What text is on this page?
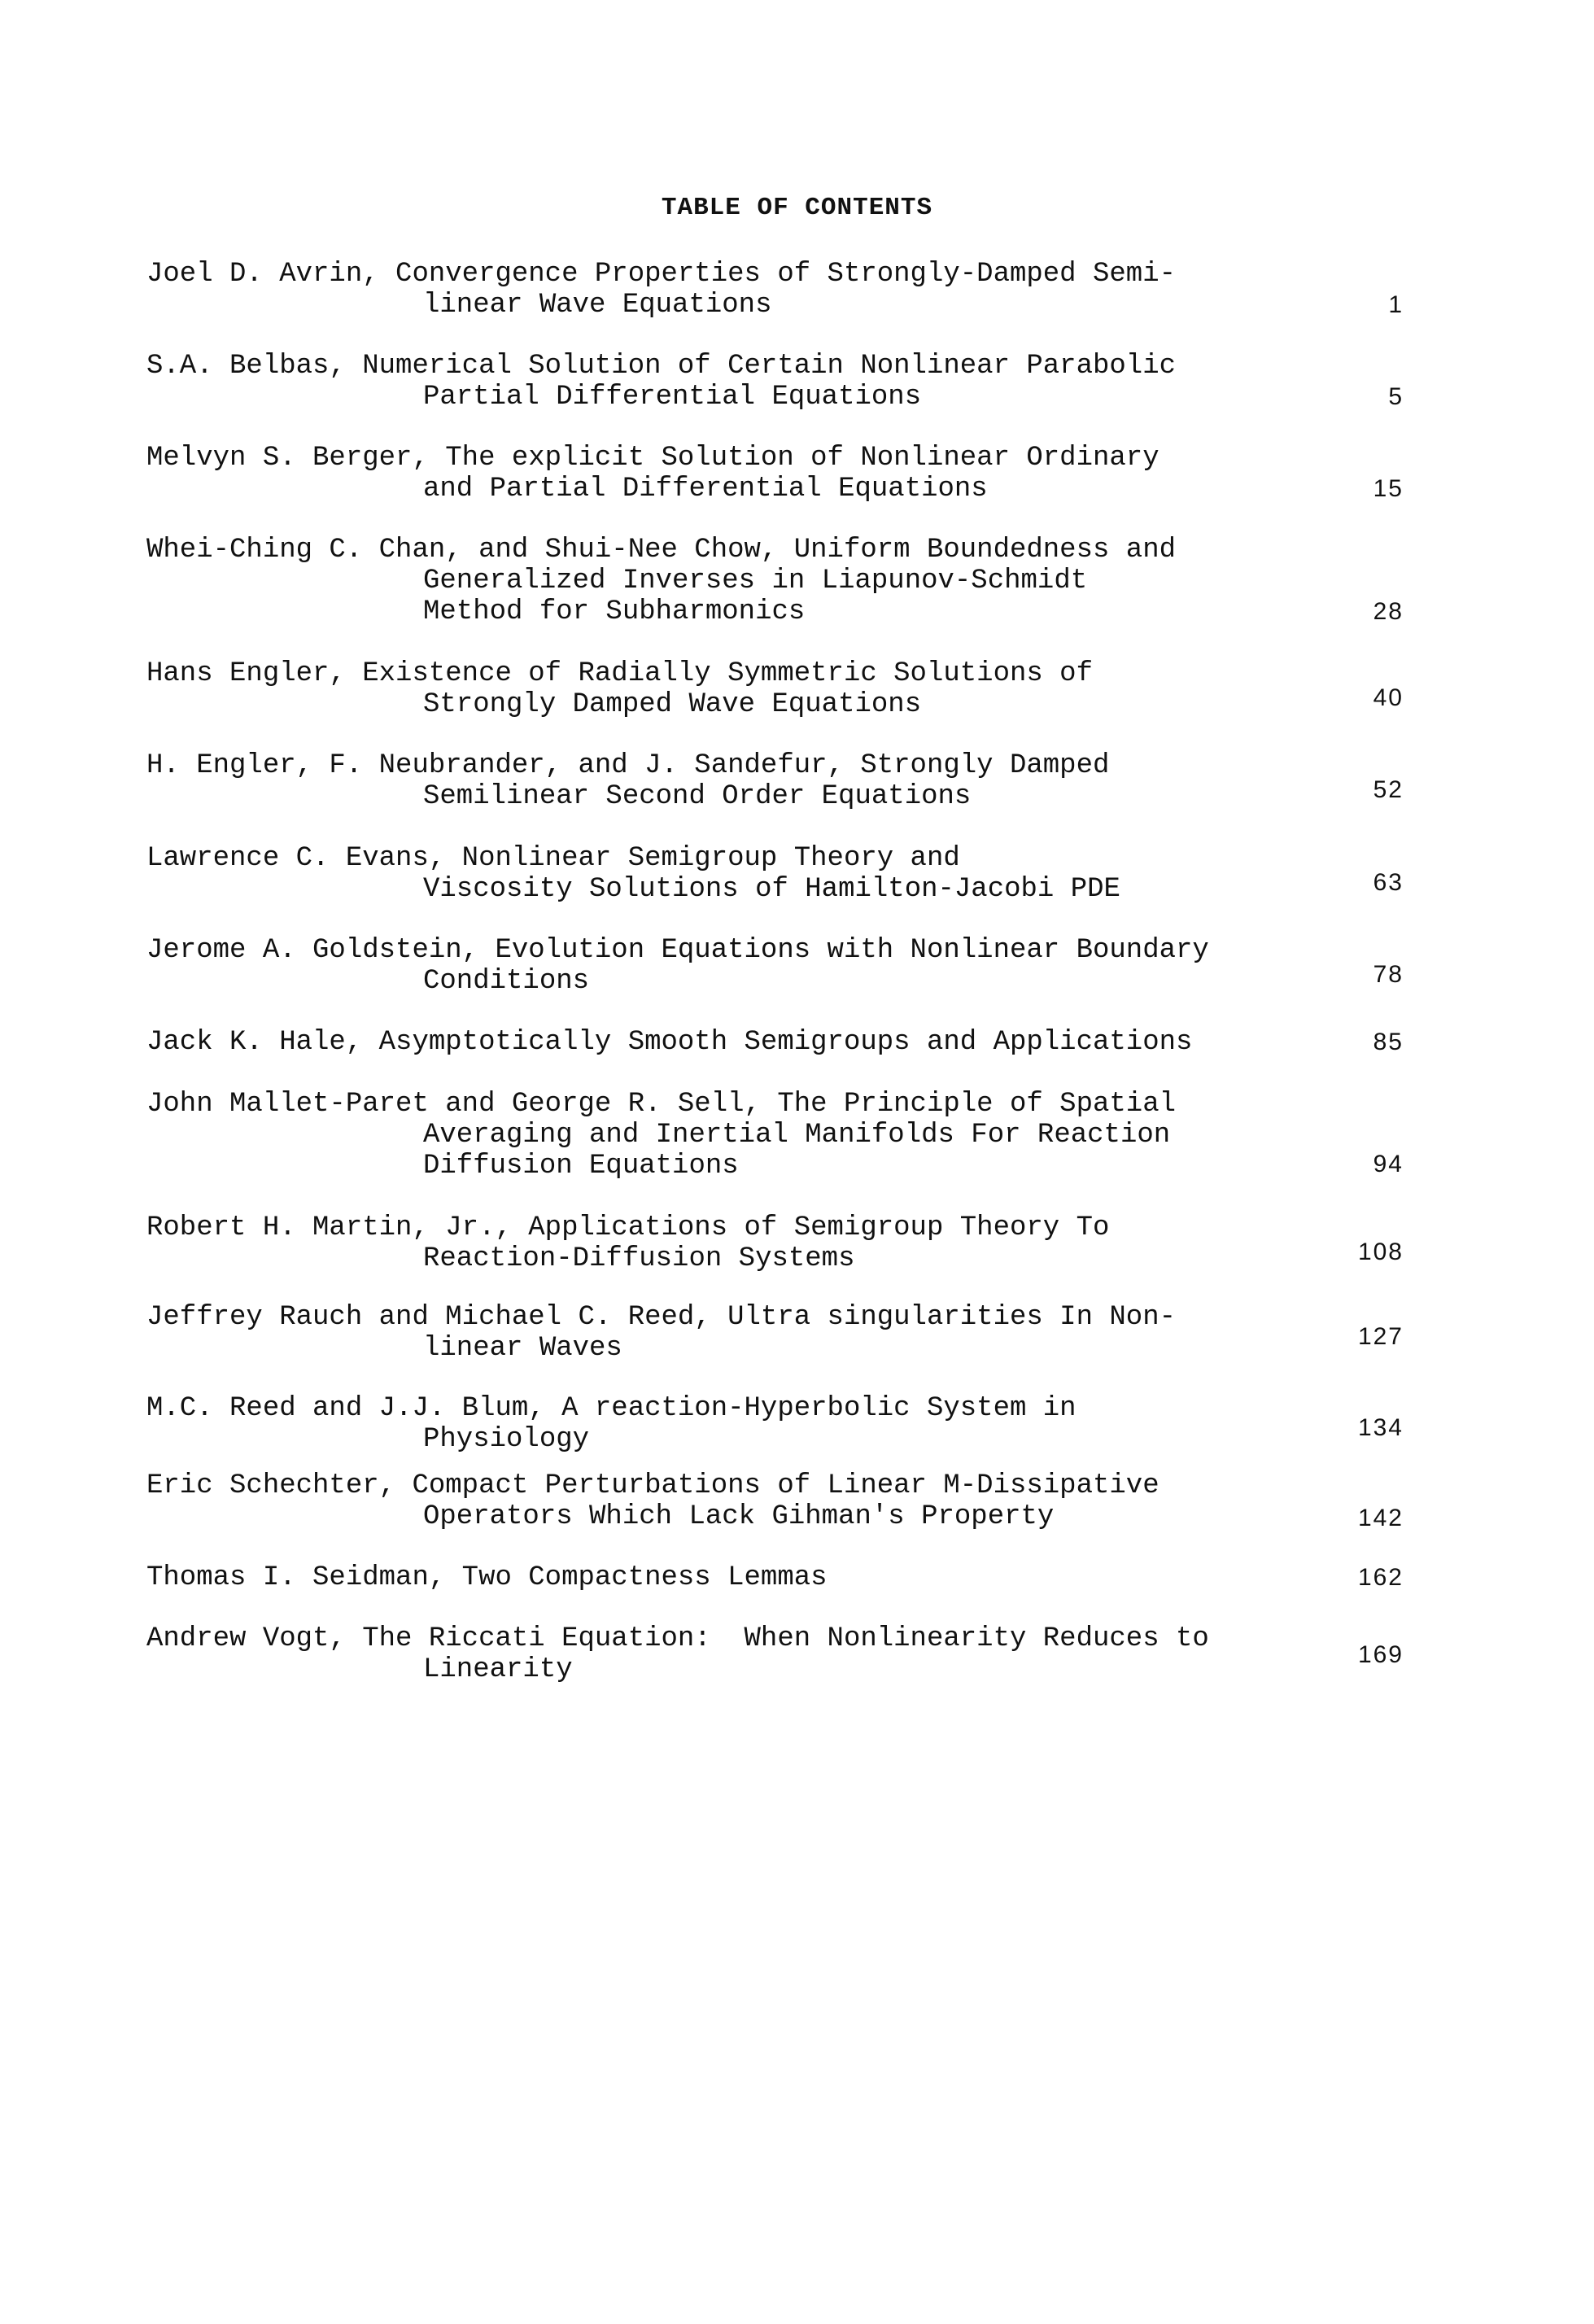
TABLE OF CONTENTS
Joel D. Avrin, Convergence Properties of Strongly-Damped Semi-
linear Wave Equations	1
S.A. Belbas, Numerical Solution of Certain Nonlinear Parabolic
Partial Differential Equations	5
Melvyn S. Berger, The explicit Solution of Nonlinear Ordinary
and Partial Differential Equations	15
Whei-Ching C. Chan, and Shui-Nee Chow, Uniform Boundedness and
Generalized Inverses in Liapunov-Schmidt
Method for Subharmonics	28
Hans Engler, Existence of Radially Symmetric Solutions of
Strongly Damped Wave Equations	40
H. Engler, F. Neubrander, and J. Sandefur, Strongly Damped
Semilinear Second Order Equations	52
Lawrence C. Evans, Nonlinear Semigroup Theory and
Viscosity Solutions of Hamilton-Jacobi PDE	63
Jerome A. Goldstein, Evolution Equations with Nonlinear Boundary
Conditions	78
Jack K. Hale, Asymptotically Smooth Semigroups and Applications	85
John Mallet-Paret and George R. Sell, The Principle of Spatial
Averaging and Inertial Manifolds For Reaction
Diffusion Equations	94
Robert H. Martin, Jr., Applications of Semigroup Theory To
Reaction-Diffusion Systems	108
Jeffrey Rauch and Michael C. Reed, Ultra singularities In Non-
linear Waves	127
M.C. Reed and J.J. Blum, A reaction-Hyperbolic System in
Physiology	134
Eric Schechter, Compact Perturbations of Linear M-Dissipative
Operators Which Lack Gihman's Property	142
Thomas I. Seidman, Two Compactness Lemmas	162
Andrew Vogt, The Riccati Equation:  When Nonlinearity Reduces to
Linearity	169
